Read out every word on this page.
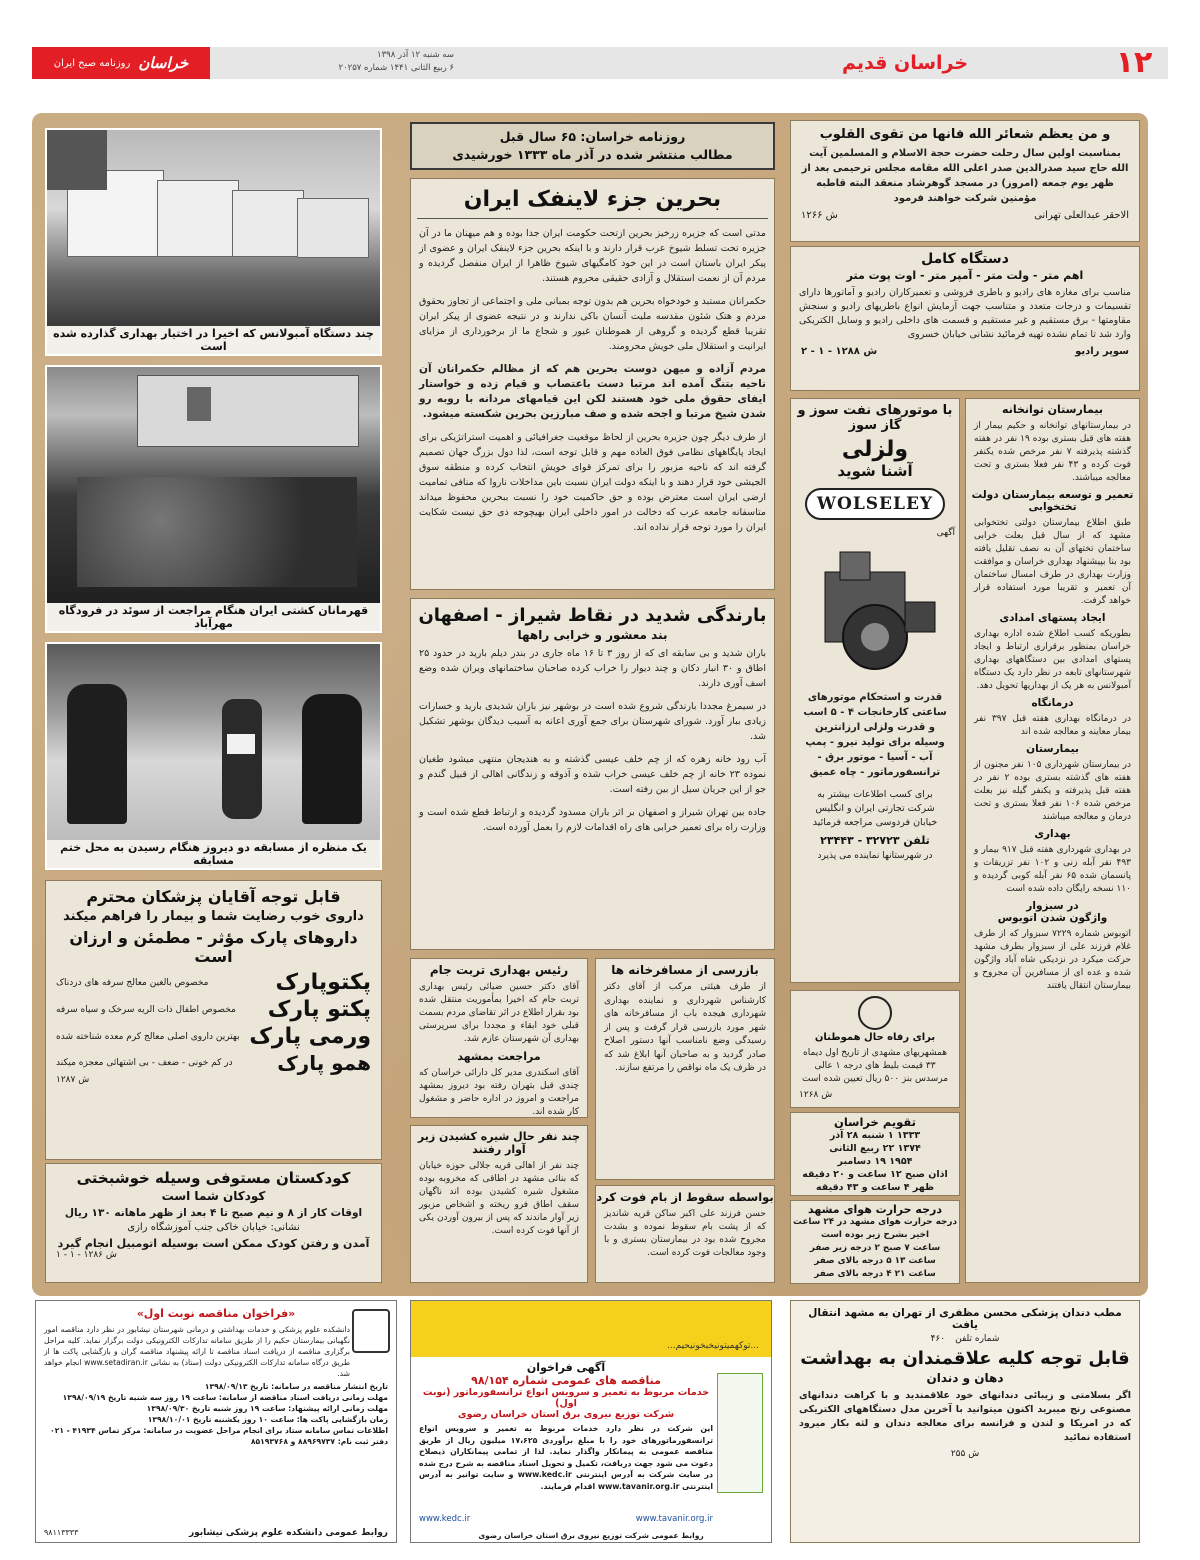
خراسان
روزنامه صبح ایران
سه شنبه ۱۲ آذر ۱۳۹۸
۶ ربیع الثانی ۱۴۴۱ شماره ۲۰۲۵۷	خراسان قدیم	۱۲
چند دستگاه آمبولانس که اخیرا در اختیار بهداری گذارده شده است
قهرمانان کشتی ایران هنگام مراجعت از سوئد در فرودگاه مهرآباد
یک منظره از مسابقه دو دیروز هنگام رسیدن به محل ختم مسابقه
قابل توجه آقایان پزشکان محترم
داروی خوب رضایت شما و بیمار را فراهم میکند
داروهای پارک مؤثر - مطمئن و ارزان است
پکتوپارک
مخصوص بالغین معالج سرفه های دردناک
پکتو پارک
مخصوص اطفال ذات الریه سرخک و سیاه سرفه
ورمی پارک
بهترین داروی اصلی معالج کرم معده شناخته شده
همو پارک
در کم خونی - ضعف - بی اشتهائی معجزه میکند
ش ۱۲۸۷
کودکستان مستوفی وسیله خوشبختی
کودکان شما است
اوقات کار از ۸ و نیم صبح تا ۴ بعد از ظهر ماهانه ۱۳۰ ریال
نشانی: خیابان خاکی جنب آموزشگاه رازی
آمدن و رفتن کودک ممکن است بوسیله اتومبیل انجام گیرد
ش ۱۲۸۶ - ۱ - ۱
روزنامه خراسان: ۶۵ سال قبل
مطالب منتشر شده در آذر ماه ۱۳۳۳ خورشیدی
بحرین جزء لاینفک ایران
مدتی است که جزیره زرخیز بحرین ازتحت حکومت ایران جدا بوده و هم میهنان ما در آن جزیره تحت تسلط شیوخ عرب قرار دارند و با اینکه بحرین جزء لاینفک ایران و عضوی از پیکر ایران باستان است در این خود کامگیهای شیوخ ظاهرا از ایران منفصل گردیده و مردم آن از نعمت استقلال و آزادی حقیقی محروم هستند.
حکمرانان مستبد و خودخواه بحرین هم بدون توجه بمبانی ملی و اجتماعی از تجاوز بحقوق مردم و هتک شئون مقدسه ملیت آنسان باکی ندارند و در نتیجه عضوی از پیکر ایران تقریبا قطع گردیده و گروهی از هموطنان غیور و شجاع ما از برخورداری از مزایای ایرانیت و استقلال ملی خویش محرومند.
مردم آزاده و میهن دوست بحرین هم که از مظالم حکمرانان آن ناحیه بتنگ آمده اند مرتبا دست باعتصاب و قیام زده و خواستار ایفای حقوق ملی خود هستند لکن این قیامهای مردانه با روبه رو شدن شیخ مرتبا و اجحه شده و صف مبارزین بحرین شکسته میشود.
از طرف دیگر چون جزیره بحرین از لحاظ موقعیت جغرافیائی و اهمیت استراتژیکی برای ایجاد پایگاههای نظامی فوق العاده مهم و قابل توجه است، لذا دول بزرگ جهان تصمیم گرفته اند که ناحیه مزبور را برای تمرکز قوای خویش انتخاب کرده و منطقه سوق الجیشی خود قرار دهند و با اینکه دولت ایران نسبت باین مداخلات ناروا که منافی تمامیت ارضی ایران است معترض بوده و حق حاکمیت خود را نسبت ببحرین محفوظ میداند متاسفانه جامعه عرب که دخالت در امور داخلی ایران بهیچوجه ذی حق نیست شکایت ایران را مورد توجه قرار نداده اند.
بارندگی شدید در نقاط شیراز - اصفهان
بند معشور و خرابی راهها
باران شدید و بی سابقه ای که از روز ۳ تا ۱۶ ماه جاری در بندر دیلم بارید در حدود ۲۵ اطاق و ۳۰ انبار دکان و چند دیوار را خراب کرده صاحبان ساختمانهای ویران شده وضع اسف آوری دارند.
در سیمرغ مجددا بارندگی شروع شده است در بوشهر نیز باران شدیدی بارید و خسارات زیادی ببار آورد. شورای شهرستان برای جمع آوری اعانه به آسیب دیدگان بوشهر تشکیل شد.
آب رود خانه زهره که از چم خلف عیسی گذشته و به هندیجان منتهی میشود طغیان نموده ۲۳ خانه از چم خلف عیسی خراب شده و آذوقه و زندگانی اهالی از قبیل گندم و جو از این جریان سیل از بین رفته است.
جاده بین تهران شیراز و اصفهان بر اثر باران مسدود گردیده و ارتباط قطع شده است و وزارت راه برای تعمیر خرابی های راه اقدامات لازم را بعمل آورده است.
رئیس بهداری تربت جام
آقای دکتر حسین ضیائی رئیس بهداری تربت جام که اخیرا بمأموریت منتقل شده بود بقرار اطلاع در اثر تقاضای مردم بسمت قبلی خود ابقاء و مجددا برای سرپرستی بهداری آن شهرستان عازم شد.
مراجعت بمشهد
آقای اسکندری مدیر کل دارائی خراسان که چندی قبل بتهران رفته بود دیروز بمشهد مراجعت و امروز در اداره حاضر و مشغول کار شده اند.
چند نفر حال شیره کشیدن زیر آوار رفتند
چند نفر از اهالی قریه جلالی حوزه خیابان که بنائی مشهد در اطاقی که مخروبه بوده مشغول شیره کشیدن بوده اند ناگهان سقف اطاق فرو ریخته و اشخاص مزبور زیر آوار ماندند که پس از بیرون آوردن یکی از آنها فوت کرده است.
بازرسی از مسافرخانه ها
از طرف هیئتی مرکب از آقای دکتر کارشناس شهرداری و نماینده بهداری شهرداری هیجده باب از مسافرخانه های شهر مورد بازرسی قرار گرفت و پس از رسیدگی وضع نامناسب آنها دستور اصلاح صادر گردید و به صاحبان آنها ابلاغ شد که در ظرف یک ماه نواقص را مرتفع سازند.
بواسطه سقوط از بام فوت کرد
حسن فرزند علی اکبر ساکن قریه شاندیز که از پشت بام سقوط نموده و بشدت مجروح شده بود در بیمارستان بستری و با وجود معالجات فوت کرده است.
و من یعظم شعائر الله فانها من تقوی القلوب
بمناسبت اولین سال رحلت حضرت حجة الاسلام و المسلمین آیت الله حاج سید صدرالدین صدر اعلی الله مقامه مجلس ترحیمی بعد از ظهر یوم جمعه (امروز) در مسجد گوهرشاد منعقد البته قاطبه مؤمنین شرکت خواهند فرمود
الاحقر عبدالعلی تهرانی
ش ۱۲۶۶
دستگاه کامل
اهم متر - ولت متر - آمپر متر - اوت پوت متر
مناسب برای مغازه های رادیو و باطری فروشی و تعمیرکاران رادیو و آماتورها دارای تقسیمات و درجات متعدد و متناسب جهت آزمایش انواع باطریهای رادیو و سنجش مقاومتها - برق مستقیم و غیر مستقیم و قسمت های داخلی رادیو و وسایل الکتریکی وارد شد تا تمام نشده تهیه فرمائید نشانی خیابان خسروی
سوپر رادیو
ش ۱۲۸۸ - ۱ - ۲
با موتورهای نفت سوز و گاز سوز
ولزلی
آشنا شوید
WOLSELEY
آگهی
قدرت و استحکام موتورهای ساعتی کارخانجات ۴ - ۵ اسب و قدرت ولزلی ارزانترین وسیله برای تولید نیرو - پمپ آب - آسیا - موتور برق - ترانسفورماتور - چاه عمیق
برای کسب اطلاعات بیشتر به شرکت تجارتی ایران و انگلیس خیابان فردوسی مراجعه فرمائید
تلفن ۳۲۷۲۳ - ۲۳۴۴۳
در شهرستانها نماینده می پذیرد
بیمارستان توانخانه
در بیمارستانهای توانخانه و حکیم بیمار از هفته های قبل بستری بوده ۱۹ نفر در هفته گذشته پذیرفته ۷ نفر مرخص شده یکنفر فوت کرده و ۴۳ نفر فعلا بستری و تحت معالجه میباشند.
تعمیر و توسعه بیمارستان دولت تختخوابی
طبق اطلاع بیمارستان دولتی تختخوابی مشهد که از سال قبل بعلت خرابی ساختمان تختهای آن به نصف تقلیل یافته بود بنا بپیشنهاد بهداری خراسان و موافقت وزارت بهداری در طرف امسال ساختمان آن تعمیر و تقریبا مورد استفاده قرار خواهد گرفت.
ایجاد پستهای امدادی
بطوریکه کسب اطلاع شده اداره بهداری خراسان بمنظور برقراری ارتباط و ایجاد پستهای امدادی بین دستگاههای بهداری شهرستانهای تابعه در نظر دارد یک دستگاه آمبولانس به هر یک از بهداریها تحویل دهد.
درمانگاه
در درمانگاه بهداری هفته قبل ۳۹۷ نفر بیمار معاینه و معالجه شده اند
بیمارستان
در بیمارستان شهرداری ۱۰۵ نفر مجنون از هفته های گذشته بستری بوده ۲ نفر در هفته قبل پذیرفته و یکنفر گیله نیز بعلت مرخص شده ۱۰۶ نفر فعلا بستری و تحت درمان و معالجه میباشند
بهداری
در بهداری شهرداری هفته قبل ۹۱۷ بیمار و ۴۹۳ نفر آبله زنی و ۱۰۲ نفر تزریقات و پانسمان شده ۶۵ نفر آبله کوبی گردیده و ۱۱۰ نسخه رایگان داده شده است
در سبزوار
واژگون شدن اتوبوس
اتوبوس شماره ۷۲۲۹ سبزوار که از طرف غلام فرزند علی از سبزوار بطرف مشهد حرکت میکرد در نزدیکی شاه آباد واژگون شده و عده ای از مسافرین آن مجروح و بیمارستان انتقال یافتند
برای رفاه حال هموطنان
همشهریهای مشهدی از تاریخ اول دیماه ۳۳ قیمت بلیط های درجه ۱ عالی مرسدس بنز ۵۰۰ ریال تعیین شده است
ش ۱۲۶۸
تقویم خراسان
۱۳۳۳ ۱ شنبه ۲۸ آذر
۱۳۷۴ ۲۲ ربیع الثانی
۱۹۵۴ ۱۹ دسامبر
اذان صبح ۱۲ ساعت و ۲۰ دقیقه
ظهر ۴ ساعت و ۴۳ دقیقه
درجه حرارت هوای مشهد
درجه حرارت هوای مشهد در ۲۴ ساعت اخیر بشرح زیر بوده است
ساعت ۷ صبح ۲ درجه زیر صفر
ساعت ۱۳ ۵ درجه بالای صفر
ساعت ۲۱ ۴ درجه بالای صفر
«فراخوان مناقصه نوبت اول»
دانشکده علوم پزشکی و خدمات بهداشتی و درمانی شهرستان نیشابور در نظر دارد مناقصه امور نگهبانی بیمارستان حکیم را از طریق سامانه تدارکات الکترونیکی دولت برگزار نماید. کلیه مراحل برگزاری مناقصه از دریافت اسناد مناقصه تا ارائه پیشنهاد مناقصه گران و بازگشایی پاکت ها از طریق درگاه سامانه تدارکات الکترونیکی دولت (ستاد) به نشانی www.setadiran.ir انجام خواهد شد.
تاریخ انتشار مناقصه در سامانه: تاریخ ۱۳۹۸/۰۹/۱۳
مهلت زمانی دریافت اسناد مناقصه از سامانه: ساعت ۱۹ روز سه شنبه تاریخ ۱۳۹۸/۰۹/۱۹
مهلت زمانی ارائه پیشنهاد: ساعت ۱۹ روز شنبه تاریخ ۱۳۹۸/۰۹/۳۰
زمان بازگشایی پاکت ها: ساعت ۱۰ روز یکشنبه تاریخ ۱۳۹۸/۱۰/۰۱
اطلاعات تماس سامانه ستاد برای انجام مراحل عضویت در سامانه: مرکز تماس ۴۱۹۳۴ - ۰۲۱
دفتر ثبت نام: ۸۸۹۶۹۷۳۷ و ۸۵۱۹۳۷۶۸
روابط عمومی دانشکده علوم پزشکی نیشابور
۹۸۱۱۳۳۳۳
...توکهمیتونیخبخونیحیم...
آگهی فراخوان
مناقصه های عمومی شماره ۹۸/۱۵۴
خدمات مربوط به تعمیر و سرویس انواع ترانسفورماتور (نوبت اول)
شرکت توزیع نیروی برق استان خراسان رضوی
این شرکت در نظر دارد خدمات مربوط به تعمیر و سرویس انواع ترانسفورماتورهای خود را با مبلغ برآوردی ۱۷،۶۲۵ میلیون ریال از طریق مناقصه عمومی به پیمانکار واگذار نماید. لذا از تمامی پیمانکاران ذیصلاح دعوت می شود جهت دریافت، تکمیل و تحویل اسناد مناقصه به شرح درج شده در سایت شرکت به آدرس اینترنتی www.kedc.ir و سایت توانیر به آدرس اینترنتی www.tavanir.org.ir اقدام فرمایند.
www.kedc.ir	www.tavanir.org.ir
روابط عمومی شرکت توزیع نیروی برق استان خراسان رضوی
مطب دندان پزشکی محسن مظفری از تهران به مشهد انتقال یافت
شماره تلفن
۴۶۰
قابل توجه کلیه علاقمندان به بهداشت
دهان و دندان
اگر بسلامتی و زیبائی دندانهای خود علاقمندید و با کراهت دندانهای مصنوعی رنج میبرید اکنون میتوانید با آخرین مدل دستگاههای الکتریکی که در امریکا و لندن و فرانسه برای معالجه دندان و لثه بکار میرود استفاده نمائید
ش ۲۵۵
